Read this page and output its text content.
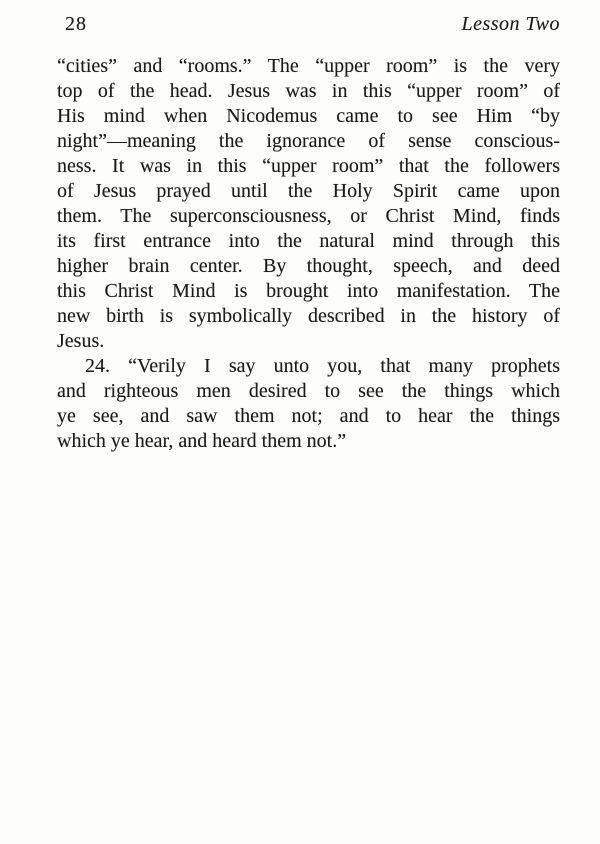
28	Lesson Two
“cities” and “rooms.” The “upper room” is the very
top of the head. Jesus was in this “upper room” of
His mind when Nicodemus came to see Him “by
night”—meaning the ignorance of sense conscious-
ness. It was in this “upper room” that the followers
of Jesus prayed until the Holy Spirit came upon
them. The superconsciousness, or Christ Mind, finds
its first entrance into the natural mind through this
higher brain center. By thought, speech, and deed
this Christ Mind is brought into manifestation. The
new birth is symbolically described in the history of
Jesus.
24. “Verily I say unto you, that many prophets
and righteous men desired to see the things which
ye see, and saw them not; and to hear the things
which ye hear, and heard them not.”
